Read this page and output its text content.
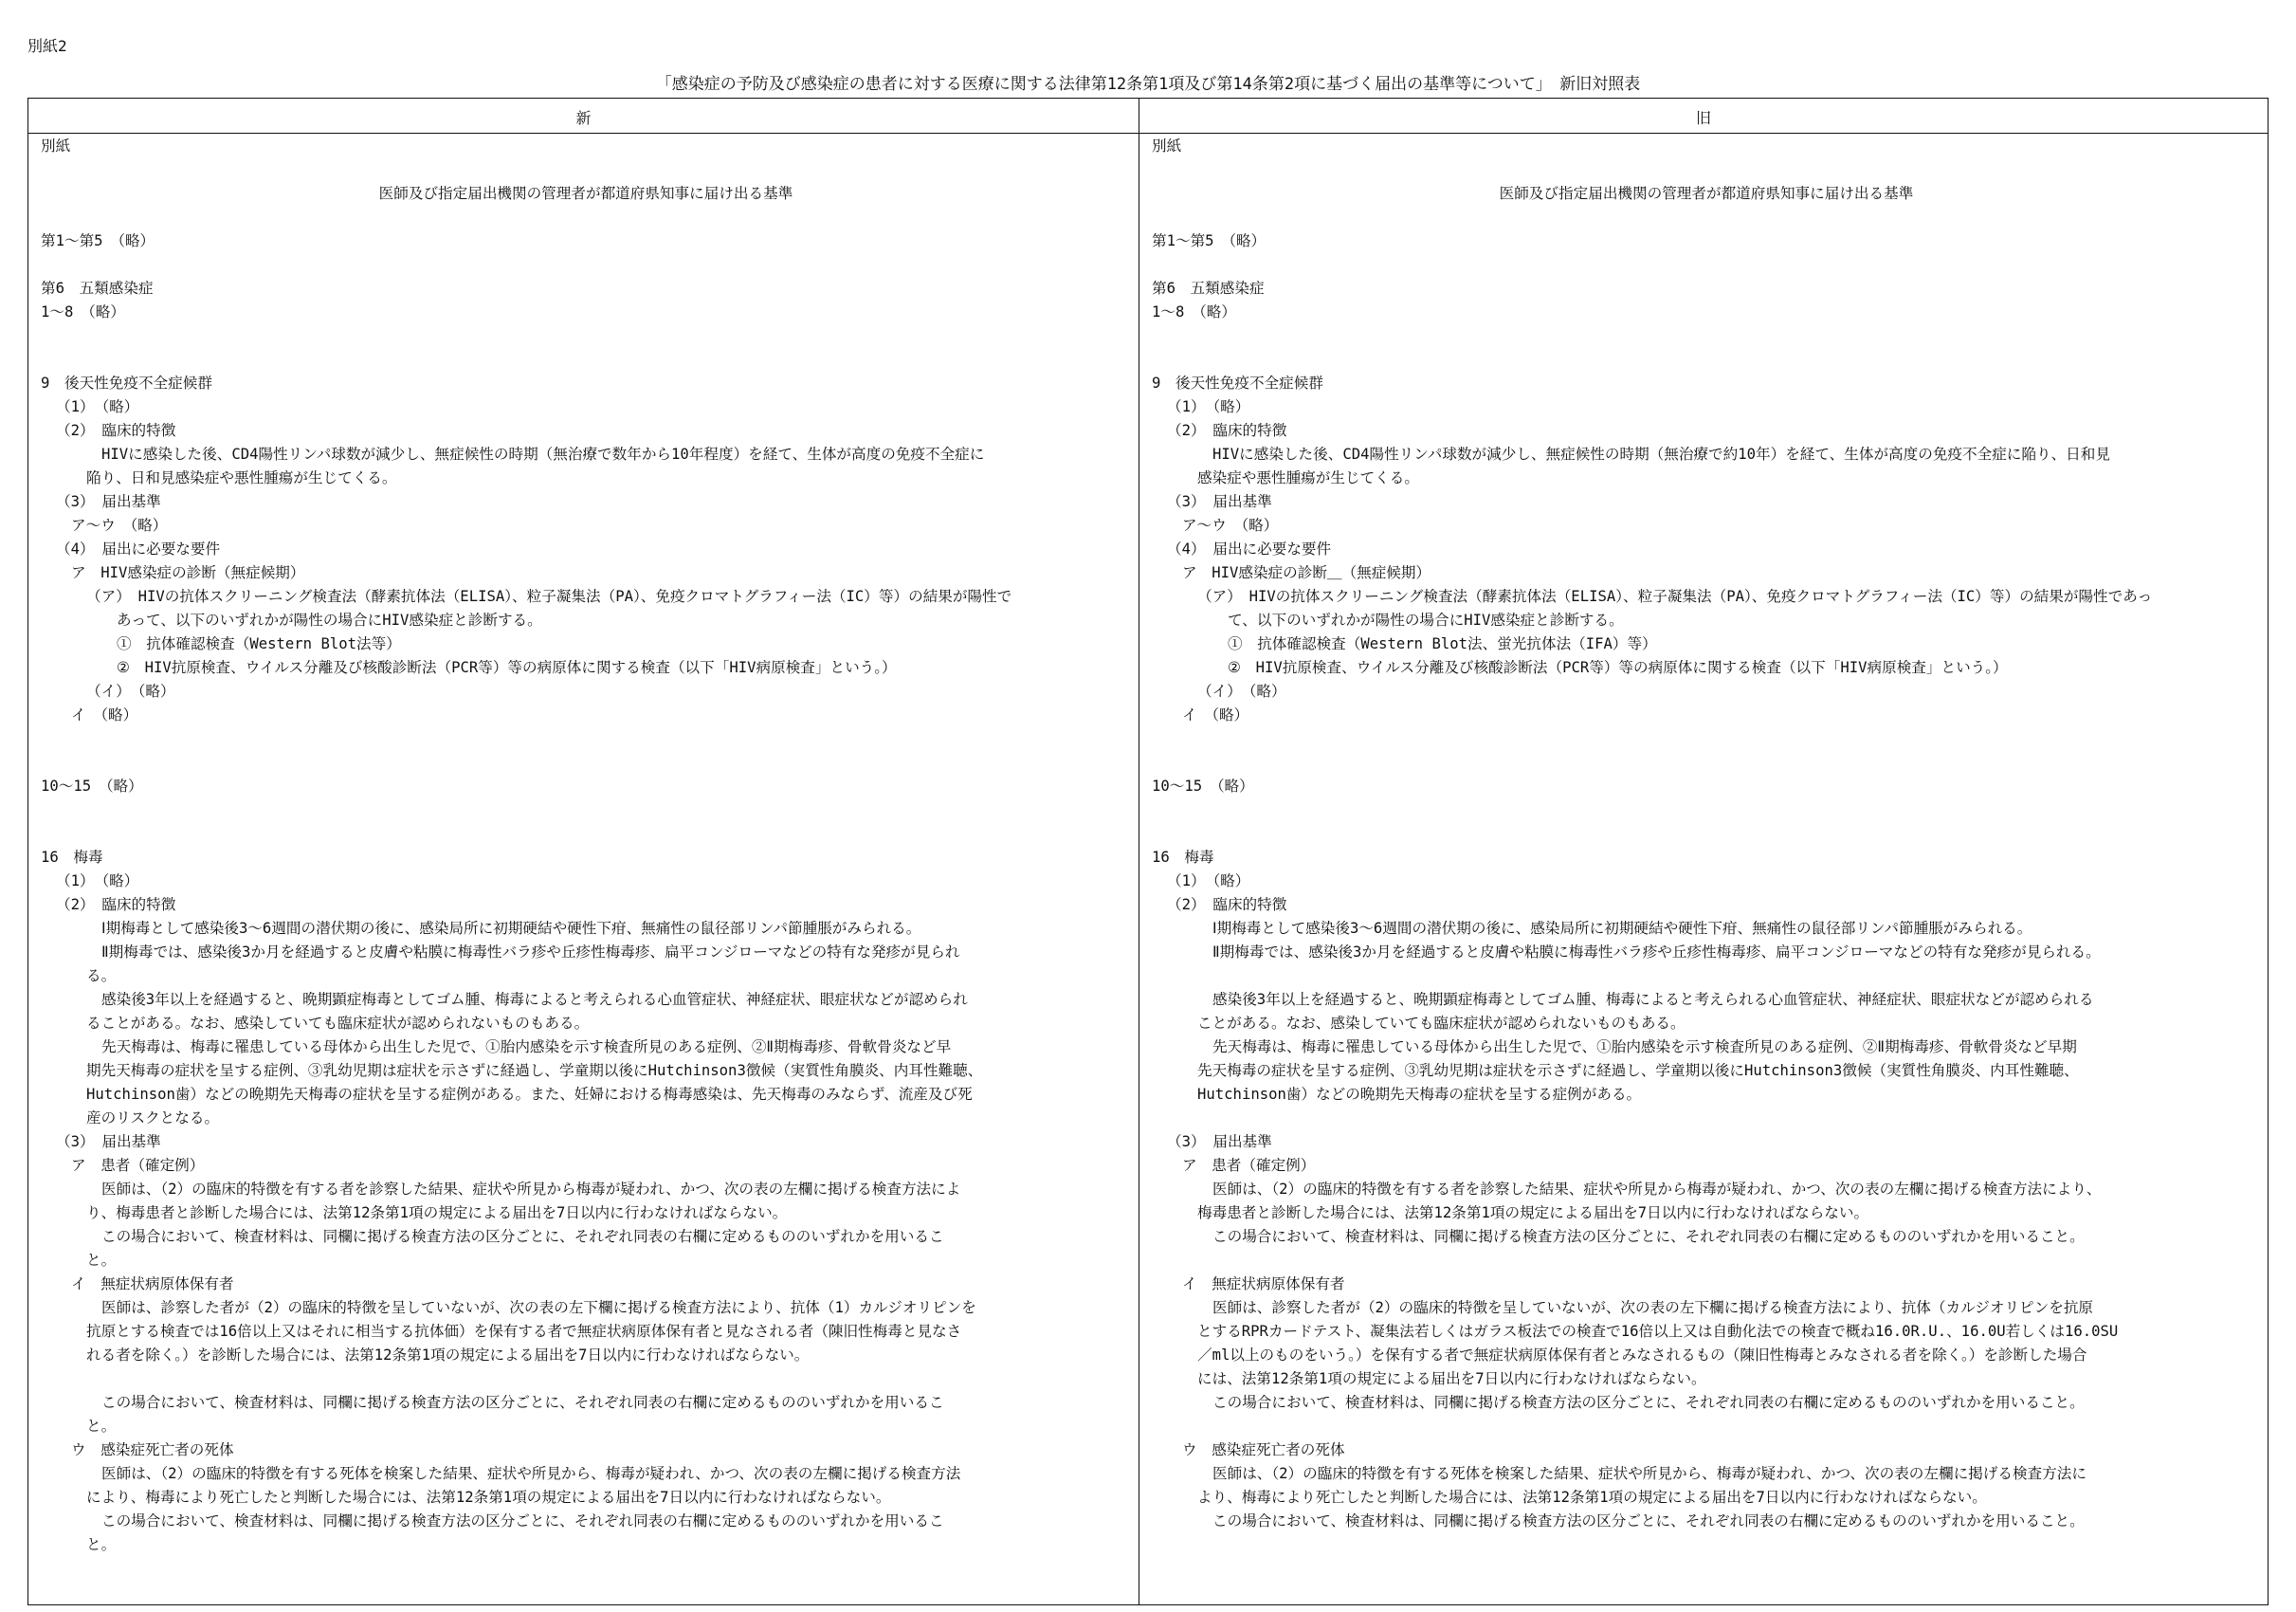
別紙2
「感染症の予防及び感染症の患者に対する医療に関する法律第12条第1項及び第14条第2項に基づく届出の基準等について」　新旧対照表
新	旧
別紙
医師及び指定届出機関の管理者が都道府県知事に届け出る基準
第1～第5　（略）
第6　五類感染症
1～8　（略）
9　後天性免疫不全症候群
（1）　（略）
（2）　臨床的特徴
HIVに感染した後、CD4陽性リンパ球数が減少し、無症候性の時期（無治療で数年から10年程度）を経て、生体が高度の免疫不全症に
陥り、日和見感染症や悪性腫瘍が生じてくる。
（3）　届出基準
ア～ウ　（略）
（4）　届出に必要な要件
ア　HIV感染症の診断（無症候期）
（ア）　HIVの抗体スクリーニング検査法（酵素抗体法（ELISA）、粒子凝集法（PA）、免疫クロマトグラフィー法（IC）等）の結果が陽性で
あって、以下のいずれかが陽性の場合にHIV感染症と診断する。
①　抗体確認検査（Western Blot法等）
②　HIV抗原検査、ウイルス分離及び核酸診断法（PCR等）等の病原体に関する検査（以下「HIV病原検査」という。）
（イ）　（略）
イ　（略）
10～15　（略）
16　梅毒
（1）　（略）
（2）　臨床的特徴
Ⅰ期梅毒として感染後3～6週間の潜伏期の後に、感染局所に初期硬結や硬性下疳、無痛性の鼠径部リンパ節腫脹がみられる。
Ⅱ期梅毒では、感染後3か月を経過すると皮膚や粘膜に梅毒性バラ疹や丘疹性梅毒疹、扁平コンジローマなどの特有な発疹が見られ
る。
感染後3年以上を経過すると、晩期顕症梅毒としてゴム腫、梅毒によると考えられる心血管症状、神経症状、眼症状などが認められ
ることがある。なお、感染していても臨床症状が認められないものもある。
先天梅毒は、梅毒に罹患している母体から出生した児で、①胎内感染を示す検査所見のある症例、②Ⅱ期梅毒疹、骨軟骨炎など早
期先天梅毒の症状を呈する症例、③乳幼児期は症状を示さずに経過し、学童期以後にHutchinson3徴候（実質性角膜炎、内耳性難聴、
Hutchinson歯）などの晩期先天梅毒の症状を呈する症例がある。また、妊婦における梅毒感染は、先天梅毒のみならず、流産及び死
産のリスクとなる。
（3）　届出基準
ア　患者（確定例）
医師は、（2）の臨床的特徴を有する者を診察した結果、症状や所見から梅毒が疑われ、かつ、次の表の左欄に掲げる検査方法によ
り、梅毒患者と診断した場合には、法第12条第1項の規定による届出を7日以内に行わなければならない。
この場合において、検査材料は、同欄に掲げる検査方法の区分ごとに、それぞれ同表の右欄に定めるもののいずれかを用いるこ
と。
イ　無症状病原体保有者
医師は、診察した者が（2）の臨床的特徴を呈していないが、次の表の左下欄に掲げる検査方法により、抗体（1）カルジオリピンを
抗原とする検査では16倍以上又はそれに相当する抗体価）を保有する者で無症状病原体保有者と見なされる者（陳旧性梅毒と見なさ
れる者を除く。）を診断した場合には、法第12条第1項の規定による届出を7日以内に行わなければならない。
この場合において、検査材料は、同欄に掲げる検査方法の区分ごとに、それぞれ同表の右欄に定めるもののいずれかを用いるこ
と。
ウ　感染症死亡者の死体
医師は、（2）の臨床的特徴を有する死体を検案した結果、症状や所見から、梅毒が疑われ、かつ、次の表の左欄に掲げる検査方法
により、梅毒により死亡したと判断した場合には、法第12条第1項の規定による届出を7日以内に行わなければならない。
この場合において、検査材料は、同欄に掲げる検査方法の区分ごとに、それぞれ同表の右欄に定めるもののいずれかを用いるこ
と。
別紙
医師及び指定届出機関の管理者が都道府県知事に届け出る基準
第1～第5　（略）
第6　五類感染症
1～8　（略）
9　後天性免疫不全症候群
（1）　（略）
（2）　臨床的特徴
HIVに感染した後、CD4陽性リンパ球数が減少し、無症候性の時期（無治療で約10年）を経て、生体が高度の免疫不全症に陥り、日和見
感染症や悪性腫瘍が生じてくる。
（3）　届出基準
ア～ウ　（略）
（4）　届出に必要な要件
ア　HIV感染症の診断＿（無症候期）
（ア）　HIVの抗体スクリーニング検査法（酵素抗体法（ELISA）、粒子凝集法（PA）、免疫クロマトグラフィー法（IC）等）の結果が陽性であっ
て、以下のいずれかが陽性の場合にHIV感染症と診断する。
①　抗体確認検査（Western Blot法、蛍光抗体法（IFA）等）
②　HIV抗原検査、ウイルス分離及び核酸診断法（PCR等）等の病原体に関する検査（以下「HIV病原検査」という。）
（イ）　（略）
イ　（略）
10～15　（略）
16　梅毒
（1）　（略）
（2）　臨床的特徴
Ⅰ期梅毒として感染後3～6週間の潜伏期の後に、感染局所に初期硬結や硬性下疳、無痛性の鼠径部リンパ節腫脹がみられる。
Ⅱ期梅毒では、感染後3か月を経過すると皮膚や粘膜に梅毒性バラ疹や丘疹性梅毒疹、扁平コンジローマなどの特有な発疹が見られる。
感染後3年以上を経過すると、晩期顕症梅毒としてゴム腫、梅毒によると考えられる心血管症状、神経症状、眼症状などが認められる
ことがある。なお、感染していても臨床症状が認められないものもある。
先天梅毒は、梅毒に罹患している母体から出生した児で、①胎内感染を示す検査所見のある症例、②Ⅱ期梅毒疹、骨軟骨炎など早期
先天梅毒の症状を呈する症例、③乳幼児期は症状を示さずに経過し、学童期以後にHutchinson3徴候（実質性角膜炎、内耳性難聴、
Hutchinson歯）などの晩期先天梅毒の症状を呈する症例がある。
（3）　届出基準
ア　患者（確定例）
医師は、（2）の臨床的特徴を有する者を診察した結果、症状や所見から梅毒が疑われ、かつ、次の表の左欄に掲げる検査方法により、
梅毒患者と診断した場合には、法第12条第1項の規定による届出を7日以内に行わなければならない。
この場合において、検査材料は、同欄に掲げる検査方法の区分ごとに、それぞれ同表の右欄に定めるもののいずれかを用いること。
イ　無症状病原体保有者
医師は、診察した者が（2）の臨床的特徴を呈していないが、次の表の左下欄に掲げる検査方法により、抗体（カルジオリピンを抗原
とするRPRカードテスト、凝集法若しくはガラス板法での検査で16倍以上又は自動化法での検査で概ね16.0R.U.、16.0U若しくは16.0SU
／ml以上のものをいう。）を保有する者で無症状病原体保有者とみなされるもの（陳旧性梅毒とみなされる者を除く。）を診断した場合
には、法第12条第1項の規定による届出を7日以内に行わなければならない。
この場合において、検査材料は、同欄に掲げる検査方法の区分ごとに、それぞれ同表の右欄に定めるもののいずれかを用いること。
ウ　感染症死亡者の死体
医師は、（2）の臨床的特徴を有する死体を検案した結果、症状や所見から、梅毒が疑われ、かつ、次の表の左欄に掲げる検査方法に
より、梅毒により死亡したと判断した場合には、法第12条第1項の規定による届出を7日以内に行わなければならない。
この場合において、検査材料は、同欄に掲げる検査方法の区分ごとに、それぞれ同表の右欄に定めるもののいずれかを用いること。
